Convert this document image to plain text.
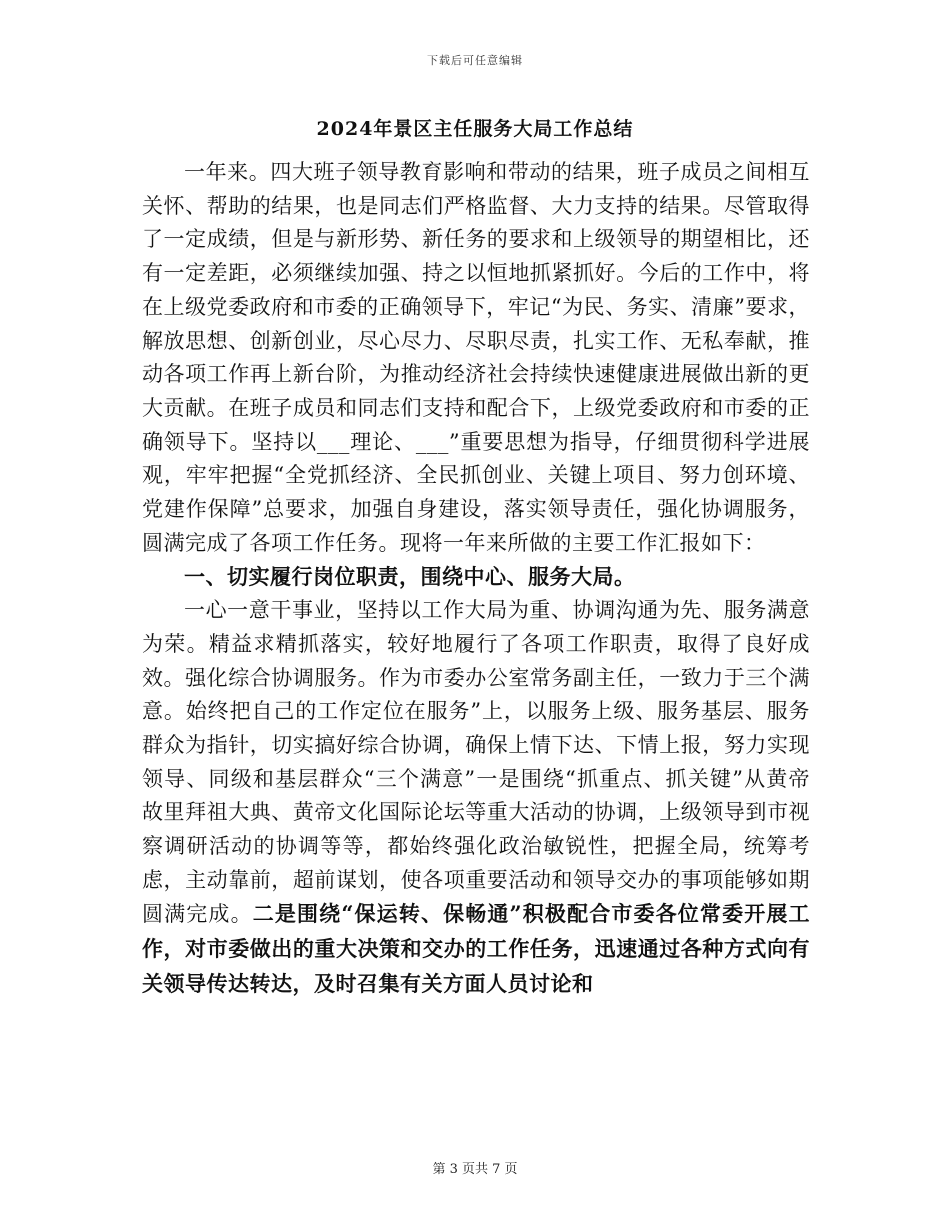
下载后可任意编辑
2024年景区主任服务大局工作总结

一年来。四大班子领导教育影响和带动的结果，班子成员之间相互关怀、帮助的结果，也是同志们严格监督、大力支持的结果。尽管取得了一定成绩，但是与新形势、新任务的要求和上级领导的期望相比，还有一定差距，必须继续加强、持之以恒地抓紧抓好。今后的工作中，将在上级党委政府和市委的正确领导下，牢记“为民、务实、清廉”要求，解放思想、创新创业，尽心尽力、尽职尽责，扎实工作、无私奉献，推动各项工作再上新台阶，为推动经济社会持续快速健康进展做出新的更大贡献。在班子成员和同志们支持和配合下，上级党委政府和市委的正确领导下。坚持以___理论、___”重要思想为指导，仔细贯彻科学进展观，牢牢把握“全党抓经济、全民抓创业、关键上项目、努力创环境、党建作保障”总要求，加强自身建设，落实领导责任，强化协调服务，圆满完成了各项工作任务。现将一年来所做的主要工作汇报如下：

一、切实履行岗位职责，围绕中心、服务大局。

一心一意干事业，坚持以工作大局为重、协调沟通为先、服务满意为荣。精益求精抓落实，较好地履行了各项工作职责，取得了良好成效。强化综合协调服务。作为市委办公室常务副主任，一致力于三个满意。始终把自己的工作定位在服务”上，以服务上级、服务基层、服务群众为指针，切实搞好综合协调，确保上情下达、下情上报，努力实现领导、同级和基层群众“三个满意”一是围绕“抓重点、抓关键”从黄帝故里拜祖大典、黄帝文化国际论坛等重大活动的协调，上级领导到市视察调研活动的协调等等，都始终强化政治敏锐性，把握全局，统筹考虑，主动靠前，超前谋划，使各项重要活动和领导交办的事项能够如期圆满完成。二是围绕“保运转、保畅通”积极配合市委各位常委开展工作，对市委做出的重大决策和交办的工作任务，迅速通过各种方式向有关领导传达转达，及时召集有关方面人员讨论和

第 3 页共 7 页
